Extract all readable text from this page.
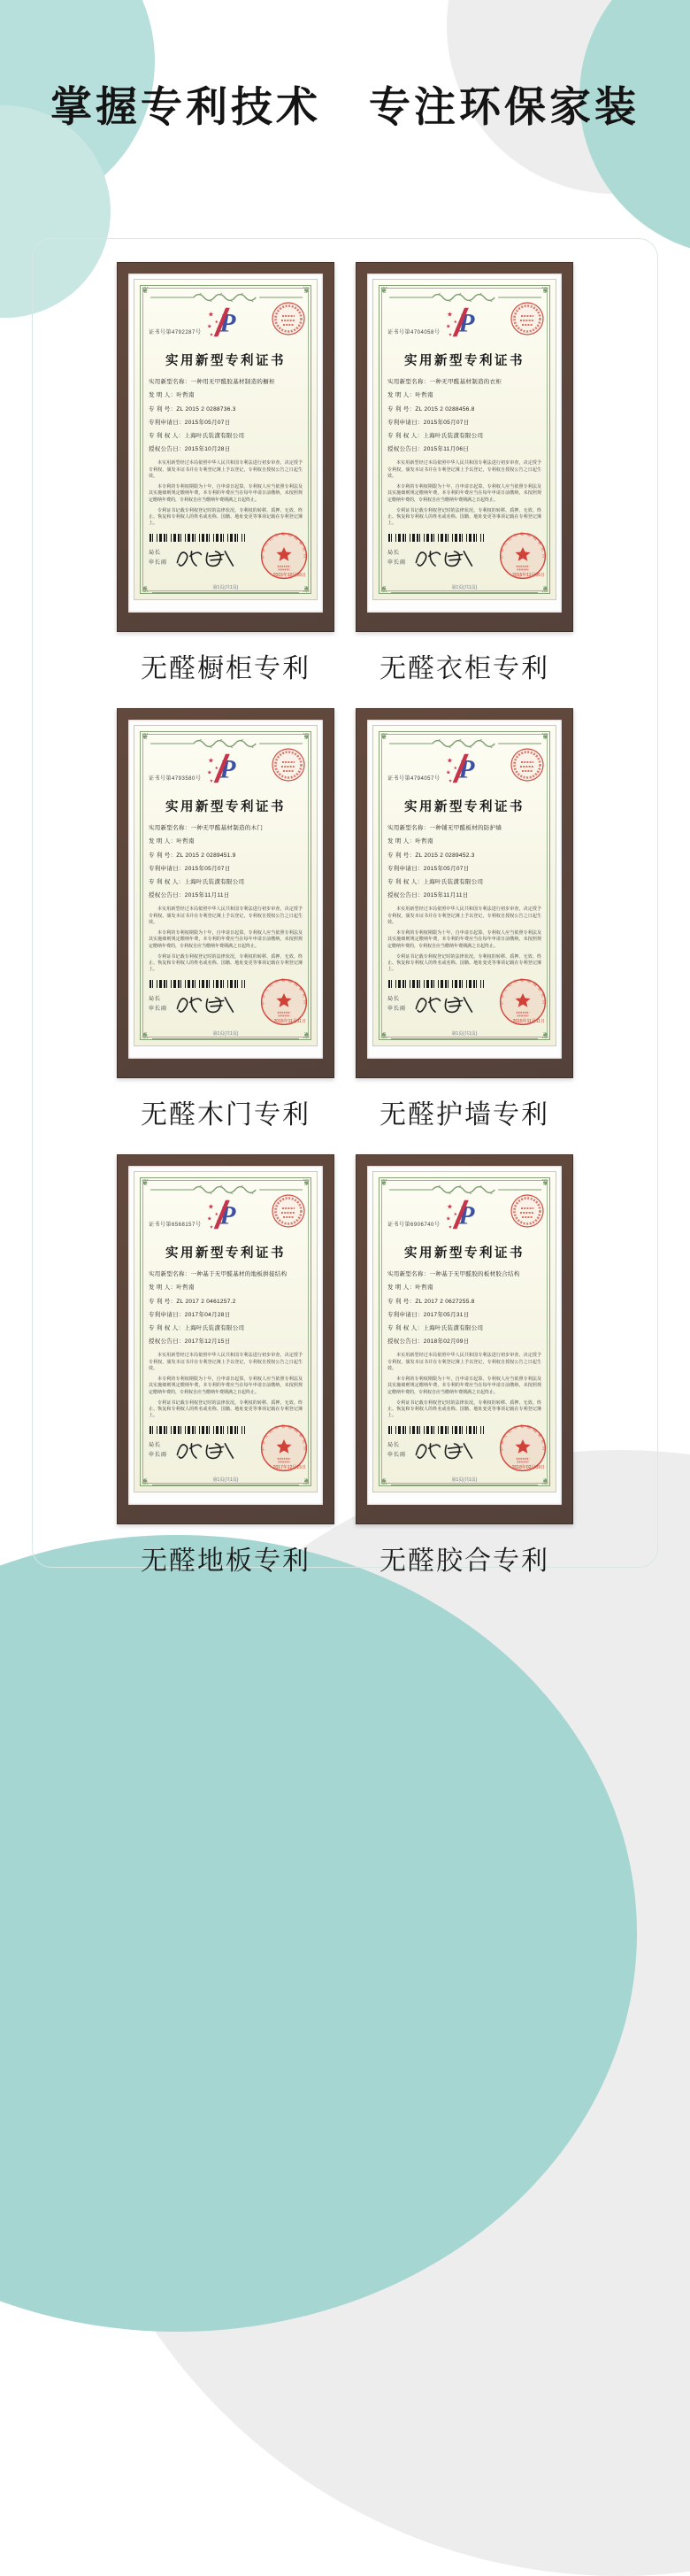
掌握专利技术 专注环保家装
❦	❦
❦	❦
证书号第4792287号
实用新型专利证书
实用新型名称：一种用无甲醛胶基材制造的橱柜
发 明 人：叶哲南
专 利 号：ZL 2015 2 0288736.3
专利申请日：2015年05月07日
专 利 权 人：上海叶氏装潢有限公司
授权公告日：2015年10月28日
本实用新型经过本局依照中华人民共和国专利法进行初步审查，决定授予专利权，颁发本证书并在专利登记簿上予以登记，专利权自授权公告之日起生效。
本专利的专利权期限为十年，自申请日起算。专利权人应当依照专利法及其实施细则规定缴纳年费，本专利的年费应当在每年申请日前缴纳，未按照规定缴纳年费的，专利权自应当缴纳年费期满之日起终止。
专利证书记载专利权登记时的法律状况。专利权的转移、质押、无效、终止、恢复和专利权人的姓名或名称、国籍、地址变更等事项记载在专利登记簿上。
局长
申长雨
2015年10月28日
第1页(共1页)
无醛橱柜专利
❦	❦
❦	❦
证书号第4704058号
实用新型专利证书
实用新型名称：一种无甲醛基材制造的衣柜
发 明 人：叶哲南
专 利 号：ZL 2015 2 0288456.8
专利申请日：2015年05月07日
专 利 权 人：上海叶氏装潢有限公司
授权公告日：2015年11月06日
本实用新型经过本局依照中华人民共和国专利法进行初步审查，决定授予专利权，颁发本证书并在专利登记簿上予以登记，专利权自授权公告之日起生效。
本专利的专利权期限为十年，自申请日起算。专利权人应当依照专利法及其实施细则规定缴纳年费，本专利的年费应当在每年申请日前缴纳，未按照规定缴纳年费的，专利权自应当缴纳年费期满之日起终止。
专利证书记载专利权登记时的法律状况。专利权的转移、质押、无效、终止、恢复和专利权人的姓名或名称、国籍、地址变更等事项记载在专利登记簿上。
局长
申长雨
2015年11月06日
第1页(共1页)
无醛衣柜专利
❦	❦
❦	❦
证书号第4793580号
实用新型专利证书
实用新型名称：一种无甲醛基材制造的木门
发 明 人：叶哲南
专 利 号：ZL 2015 2 0289451.9
专利申请日：2015年05月07日
专 利 权 人：上海叶氏装潢有限公司
授权公告日：2015年11月11日
本实用新型经过本局依照中华人民共和国专利法进行初步审查，决定授予专利权，颁发本证书并在专利登记簿上予以登记，专利权自授权公告之日起生效。
本专利的专利权期限为十年，自申请日起算。专利权人应当依照专利法及其实施细则规定缴纳年费，本专利的年费应当在每年申请日前缴纳，未按照规定缴纳年费的，专利权自应当缴纳年费期满之日起终止。
专利证书记载专利权登记时的法律状况。专利权的转移、质押、无效、终止、恢复和专利权人的姓名或名称、国籍、地址变更等事项记载在专利登记簿上。
局长
申长雨
2015年11月11日
第1页(共1页)
无醛木门专利
❦	❦
❦	❦
证书号第4794057号
实用新型专利证书
实用新型名称：一种铺无甲醛板材的防护墙
发 明 人：叶哲南
专 利 号：ZL 2015 2 0289452.3
专利申请日：2015年05月07日
专 利 权 人：上海叶氏装潢有限公司
授权公告日：2015年11月11日
本实用新型经过本局依照中华人民共和国专利法进行初步审查，决定授予专利权，颁发本证书并在专利登记簿上予以登记，专利权自授权公告之日起生效。
本专利的专利权期限为十年，自申请日起算。专利权人应当依照专利法及其实施细则规定缴纳年费，本专利的年费应当在每年申请日前缴纳，未按照规定缴纳年费的，专利权自应当缴纳年费期满之日起终止。
专利证书记载专利权登记时的法律状况。专利权的转移、质押、无效、终止、恢复和专利权人的姓名或名称、国籍、地址变更等事项记载在专利登记簿上。
局长
申长雨
2015年11月11日
第1页(共1页)
无醛护墙专利
❦	❦
❦	❦
证书号第6568157号
实用新型专利证书
实用新型名称：一种基于无甲醛基材的地板拼接结构
发 明 人：叶哲南
专 利 号：ZL 2017 2 0461257.2
专利申请日：2017年04月28日
专 利 权 人：上海叶氏装潢有限公司
授权公告日：2017年12月15日
本实用新型经过本局依照中华人民共和国专利法进行初步审查，决定授予专利权，颁发本证书并在专利登记簿上予以登记，专利权自授权公告之日起生效。
本专利的专利权期限为十年，自申请日起算。专利权人应当依照专利法及其实施细则规定缴纳年费，本专利的年费应当在每年申请日前缴纳，未按照规定缴纳年费的，专利权自应当缴纳年费期满之日起终止。
专利证书记载专利权登记时的法律状况。专利权的转移、质押、无效、终止、恢复和专利权人的姓名或名称、国籍、地址变更等事项记载在专利登记簿上。
局长
申长雨
2017年12月15日
第1页(共1页)
无醛地板专利
❦	❦
❦	❦
证书号第6906740号
实用新型专利证书
实用新型名称：一种基于无甲醛胶的板材胶合结构
发 明 人：叶哲南
专 利 号：ZL 2017 2 0627255.8
专利申请日：2017年05月31日
专 利 权 人：上海叶氏装潢有限公司
授权公告日：2018年02月09日
本实用新型经过本局依照中华人民共和国专利法进行初步审查，决定授予专利权，颁发本证书并在专利登记簿上予以登记，专利权自授权公告之日起生效。
本专利的专利权期限为十年，自申请日起算。专利权人应当依照专利法及其实施细则规定缴纳年费，本专利的年费应当在每年申请日前缴纳，未按照规定缴纳年费的，专利权自应当缴纳年费期满之日起终止。
专利证书记载专利权登记时的法律状况。专利权的转移、质押、无效、终止、恢复和专利权人的姓名或名称、国籍、地址变更等事项记载在专利登记簿上。
局长
申长雨
2018年02月09日
第1页(共1页)
无醛胶合专利
